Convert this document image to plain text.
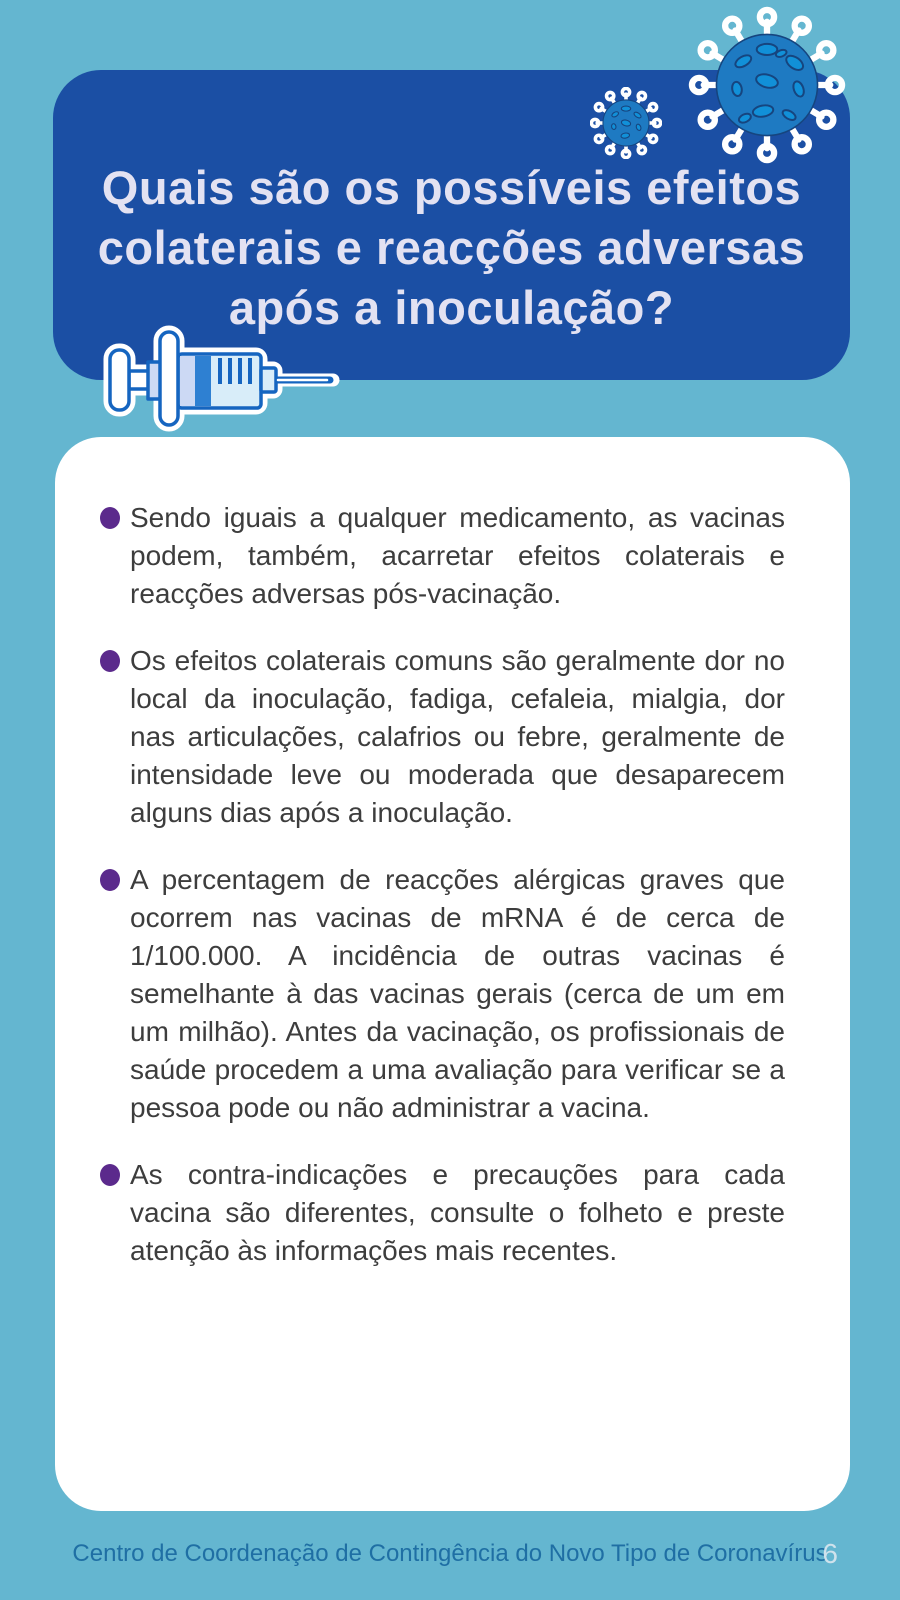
Quais são os possíveis efeitos
colaterais e reacções adversas
após a inoculação?
Sendo iguais a qualquer medicamento, as vacinas podem, também, acarretar efeitos colaterais e reacções adversas pós-vacinação.
Os efeitos colaterais comuns são geralmente dor no local da inoculação, fadiga, cefaleia, mialgia, dor nas articulações, calafrios ou febre, geralmente de intensidade leve ou moderada que desaparecem alguns dias após a inoculação.
A percentagem de reacções alérgicas graves que ocorrem nas vacinas de mRNA é de cerca de 1/100.000. A incidência de outras vacinas é semelhante à das vacinas gerais (cerca de um em um milhão). Antes da vacinação, os profissionais de saúde procedem a uma avaliação para verificar se a pessoa pode ou não administrar a vacina.
As contra-indicações e precauções para cada vacina são diferentes, consulte o folheto e preste atenção às informações mais recentes.
Centro de Coordenação de Contingência do Novo Tipo de Coronavírus
6
